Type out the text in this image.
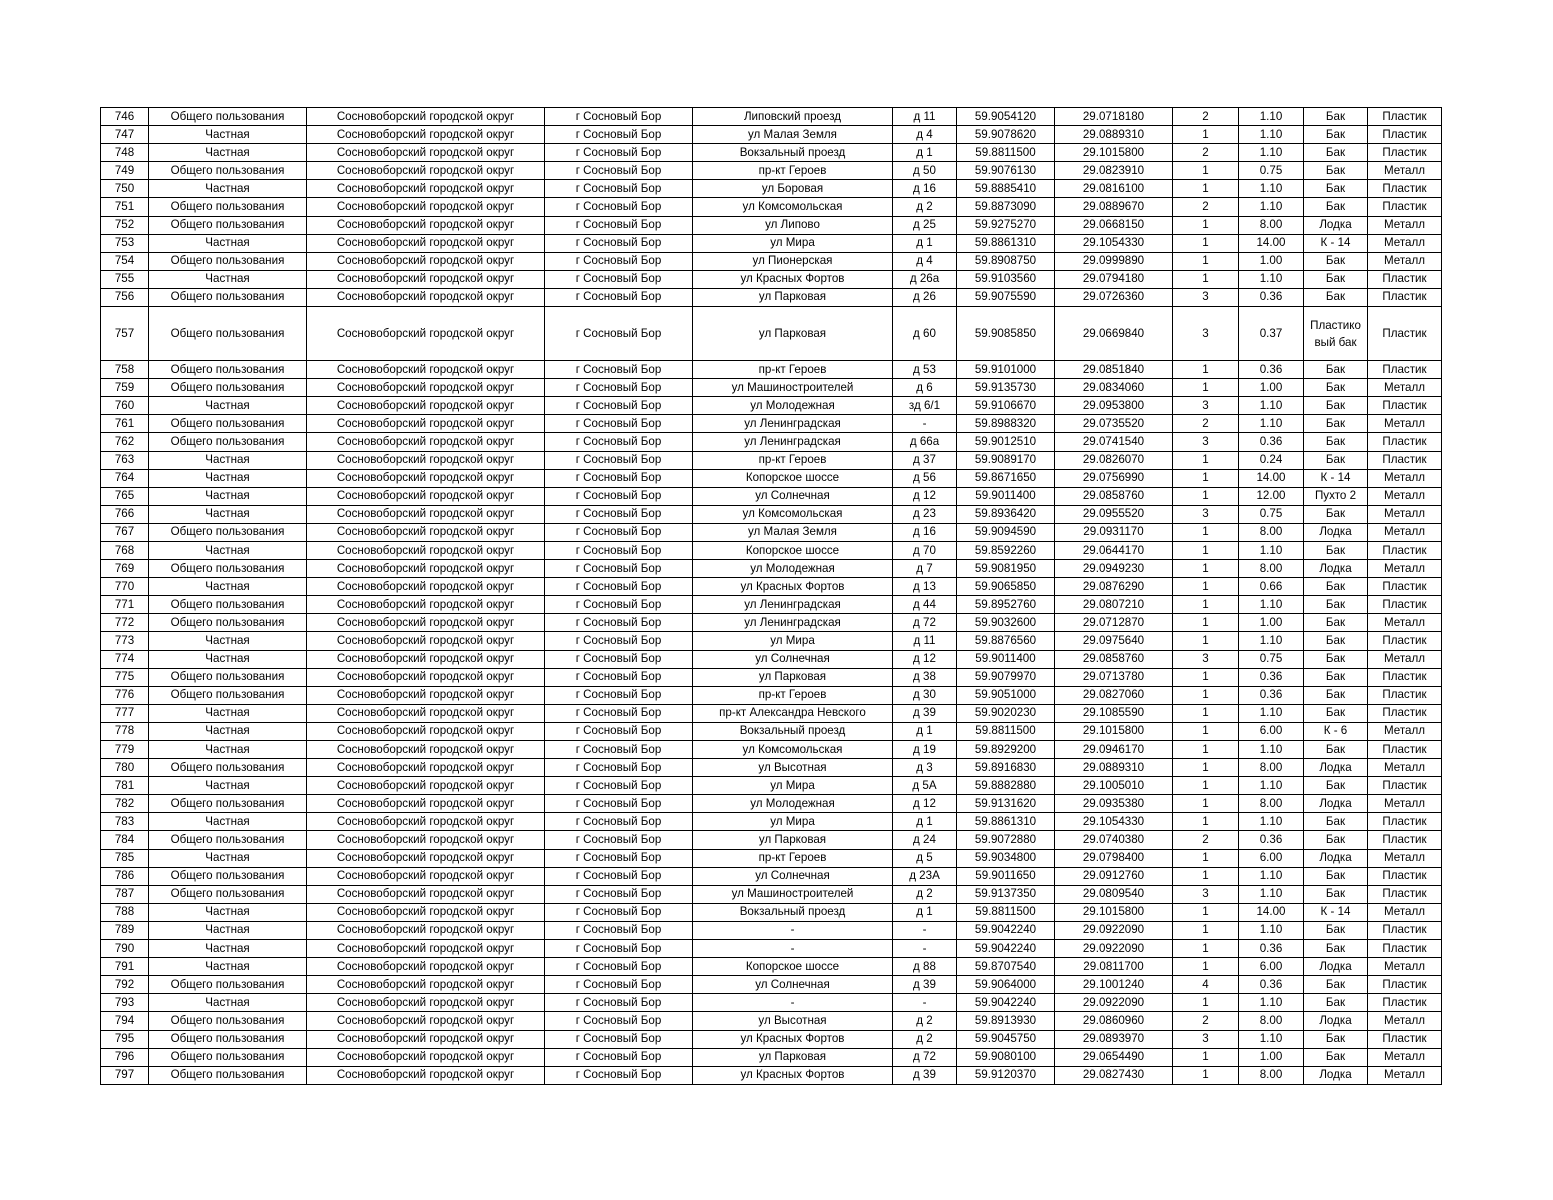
746	Общего пользования	Сосновоборский городской округ	г Сосновый Бор	Липовский проезд	д 11	59.9054120	29.0718180	2	1.10	Бак	Пластик
747	Частная	Сосновоборский городской округ	г Сосновый Бор	ул Малая Земля	д 4	59.9078620	29.0889310	1	1.10	Бак	Пластик
748	Частная	Сосновоборский городской округ	г Сосновый Бор	Вокзальный проезд	д 1	59.8811500	29.1015800	2	1.10	Бак	Пластик
749	Общего пользования	Сосновоборский городской округ	г Сосновый Бор	пр-кт Героев	д 50	59.9076130	29.0823910	1	0.75	Бак	Металл
750	Частная	Сосновоборский городской округ	г Сосновый Бор	ул Боровая	д 16	59.8885410	29.0816100	1	1.10	Бак	Пластик
751	Общего пользования	Сосновоборский городской округ	г Сосновый Бор	ул Комсомольская	д 2	59.8873090	29.0889670	2	1.10	Бак	Пластик
752	Общего пользования	Сосновоборский городской округ	г Сосновый Бор	ул Липово	д 25	59.9275270	29.0668150	1	8.00	Лодка	Металл
753	Частная	Сосновоборский городской округ	г Сосновый Бор	ул Мира	д 1	59.8861310	29.1054330	1	14.00	К - 14	Металл
754	Общего пользования	Сосновоборский городской округ	г Сосновый Бор	ул Пионерская	д 4	59.8908750	29.0999890	1	1.00	Бак	Металл
755	Частная	Сосновоборский городской округ	г Сосновый Бор	ул Красных Фортов	д 26а	59.9103560	29.0794180	1	1.10	Бак	Пластик
756	Общего пользования	Сосновоборский городской округ	г Сосновый Бор	ул Парковая	д 26	59.9075590	29.0726360	3	0.36	Бак	Пластик
757	Общего пользования	Сосновоборский городской округ	г Сосновый Бор	ул Парковая	д 60	59.9085850	29.0669840	3	0.37	Пластико вый бак	Пластик
758	Общего пользования	Сосновоборский городской округ	г Сосновый Бор	пр-кт Героев	д 53	59.9101000	29.0851840	1	0.36	Бак	Пластик
759	Общего пользования	Сосновоборский городской округ	г Сосновый Бор	ул Машиностроителей	д 6	59.9135730	29.0834060	1	1.00	Бак	Металл
760	Частная	Сосновоборский городской округ	г Сосновый Бор	ул Молодежная	зд 6/1	59.9106670	29.0953800	3	1.10	Бак	Пластик
761	Общего пользования	Сосновоборский городской округ	г Сосновый Бор	ул Ленинградская	-	59.8988320	29.0735520	2	1.10	Бак	Металл
762	Общего пользования	Сосновоборский городской округ	г Сосновый Бор	ул Ленинградская	д 66а	59.9012510	29.0741540	3	0.36	Бак	Пластик
763	Частная	Сосновоборский городской округ	г Сосновый Бор	пр-кт Героев	д 37	59.9089170	29.0826070	1	0.24	Бак	Пластик
764	Частная	Сосновоборский городской округ	г Сосновый Бор	Копорское шоссе	д 56	59.8671650	29.0756990	1	14.00	К - 14	Металл
765	Частная	Сосновоборский городской округ	г Сосновый Бор	ул Солнечная	д 12	59.9011400	29.0858760	1	12.00	Пухто 2	Металл
766	Частная	Сосновоборский городской округ	г Сосновый Бор	ул Комсомольская	д 23	59.8936420	29.0955520	3	0.75	Бак	Металл
767	Общего пользования	Сосновоборский городской округ	г Сосновый Бор	ул Малая Земля	д 16	59.9094590	29.0931170	1	8.00	Лодка	Металл
768	Частная	Сосновоборский городской округ	г Сосновый Бор	Копорское шоссе	д 70	59.8592260	29.0644170	1	1.10	Бак	Пластик
769	Общего пользования	Сосновоборский городской округ	г Сосновый Бор	ул Молодежная	д 7	59.9081950	29.0949230	1	8.00	Лодка	Металл
770	Частная	Сосновоборский городской округ	г Сосновый Бор	ул Красных Фортов	д 13	59.9065850	29.0876290	1	0.66	Бак	Пластик
771	Общего пользования	Сосновоборский городской округ	г Сосновый Бор	ул Ленинградская	д 44	59.8952760	29.0807210	1	1.10	Бак	Пластик
772	Общего пользования	Сосновоборский городской округ	г Сосновый Бор	ул Ленинградская	д 72	59.9032600	29.0712870	1	1.00	Бак	Металл
773	Частная	Сосновоборский городской округ	г Сосновый Бор	ул Мира	д 11	59.8876560	29.0975640	1	1.10	Бак	Пластик
774	Частная	Сосновоборский городской округ	г Сосновый Бор	ул Солнечная	д 12	59.9011400	29.0858760	3	0.75	Бак	Металл
775	Общего пользования	Сосновоборский городской округ	г Сосновый Бор	ул Парковая	д 38	59.9079970	29.0713780	1	0.36	Бак	Пластик
776	Общего пользования	Сосновоборский городской округ	г Сосновый Бор	пр-кт Героев	д 30	59.9051000	29.0827060	1	0.36	Бак	Пластик
777	Частная	Сосновоборский городской округ	г Сосновый Бор	пр-кт Александра Невского	д 39	59.9020230	29.1085590	1	1.10	Бак	Пластик
778	Частная	Сосновоборский городской округ	г Сосновый Бор	Вокзальный проезд	д 1	59.8811500	29.1015800	1	6.00	К - 6	Металл
779	Частная	Сосновоборский городской округ	г Сосновый Бор	ул Комсомольская	д 19	59.8929200	29.0946170	1	1.10	Бак	Пластик
780	Общего пользования	Сосновоборский городской округ	г Сосновый Бор	ул Высотная	д 3	59.8916830	29.0889310	1	8.00	Лодка	Металл
781	Частная	Сосновоборский городской округ	г Сосновый Бор	ул Мира	д 5А	59.8882880	29.1005010	1	1.10	Бак	Пластик
782	Общего пользования	Сосновоборский городской округ	г Сосновый Бор	ул Молодежная	д 12	59.9131620	29.0935380	1	8.00	Лодка	Металл
783	Частная	Сосновоборский городской округ	г Сосновый Бор	ул Мира	д 1	59.8861310	29.1054330	1	1.10	Бак	Пластик
784	Общего пользования	Сосновоборский городской округ	г Сосновый Бор	ул Парковая	д 24	59.9072880	29.0740380	2	0.36	Бак	Пластик
785	Частная	Сосновоборский городской округ	г Сосновый Бор	пр-кт Героев	д 5	59.9034800	29.0798400	1	6.00	Лодка	Металл
786	Общего пользования	Сосновоборский городской округ	г Сосновый Бор	ул Солнечная	д 23А	59.9011650	29.0912760	1	1.10	Бак	Пластик
787	Общего пользования	Сосновоборский городской округ	г Сосновый Бор	ул Машиностроителей	д 2	59.9137350	29.0809540	3	1.10	Бак	Пластик
788	Частная	Сосновоборский городской округ	г Сосновый Бор	Вокзальный проезд	д 1	59.8811500	29.1015800	1	14.00	К - 14	Металл
789	Частная	Сосновоборский городской округ	г Сосновый Бор	-	-	59.9042240	29.0922090	1	1.10	Бак	Пластик
790	Частная	Сосновоборский городской округ	г Сосновый Бор	-	-	59.9042240	29.0922090	1	0.36	Бак	Пластик
791	Частная	Сосновоборский городской округ	г Сосновый Бор	Копорское шоссе	д 88	59.8707540	29.0811700	1	6.00	Лодка	Металл
792	Общего пользования	Сосновоборский городской округ	г Сосновый Бор	ул Солнечная	д 39	59.9064000	29.1001240	4	0.36	Бак	Пластик
793	Частная	Сосновоборский городской округ	г Сосновый Бор	-	-	59.9042240	29.0922090	1	1.10	Бак	Пластик
794	Общего пользования	Сосновоборский городской округ	г Сосновый Бор	ул Высотная	д 2	59.8913930	29.0860960	2	8.00	Лодка	Металл
795	Общего пользования	Сосновоборский городской округ	г Сосновый Бор	ул Красных Фортов	д 2	59.9045750	29.0893970	3	1.10	Бак	Пластик
796	Общего пользования	Сосновоборский городской округ	г Сосновый Бор	ул Парковая	д 72	59.9080100	29.0654490	1	1.00	Бак	Металл
797	Общего пользования	Сосновоборский городской округ	г Сосновый Бор	ул Красных Фортов	д 39	59.9120370	29.0827430	1	8.00	Лодка	Металл
